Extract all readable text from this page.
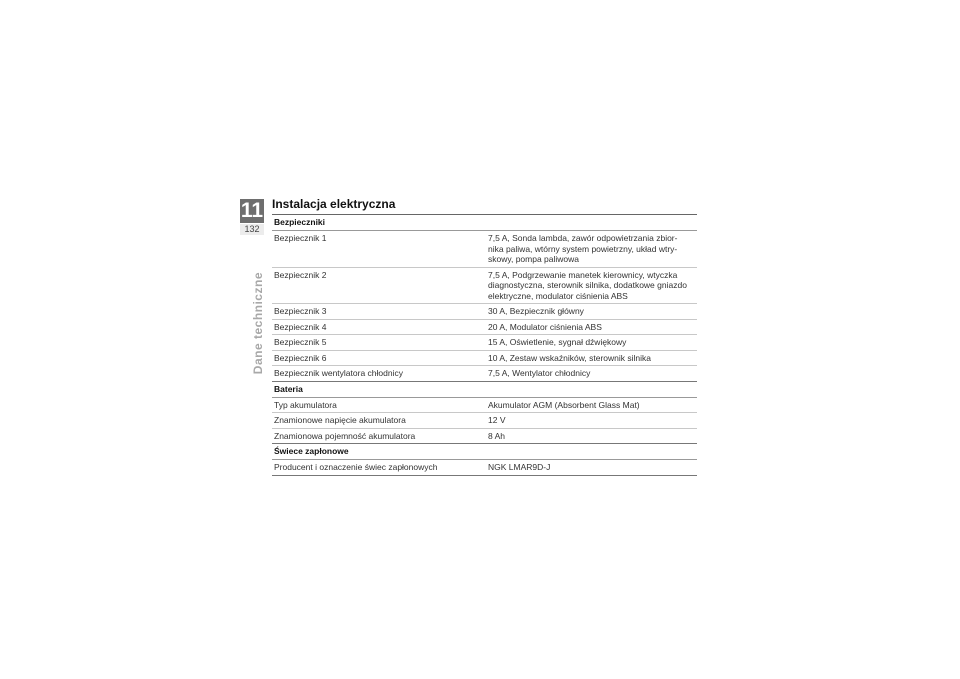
11
132
Dane techniczne
Instalacja elektryczna
Bezpieczniki
Bezpiecznik 1	7,5 A, Sonda lambda, zawór odpowietrzania zbior-nika paliwa, wtórny system powietrzny, układ wtry-skowy, pompa paliwowa
Bezpiecznik 2	7,5 A, Podgrzewanie manetek kierownicy, wtyczka diagnostyczna, sterownik silnika, dodatkowe gniazdo elektryczne, modulator ciśnienia ABS
Bezpiecznik 3	30 A, Bezpiecznik główny
Bezpiecznik 4	20 A, Modulator ciśnienia ABS
Bezpiecznik 5	15 A, Oświetlenie, sygnał dźwiękowy
Bezpiecznik 6	10 A, Zestaw wskaźników, sterownik silnika
Bezpiecznik wentylatora chłodnicy	7,5 A, Wentylator chłodnicy
Bateria
Typ akumulatora	Akumulator AGM (Absorbent Glass Mat)
Znamionowe napięcie akumulatora	12 V
Znamionowa pojemność akumulatora	8 Ah
Świece zapłonowe
Producent i oznaczenie świec zapłonowych	NGK LMAR9D-J
